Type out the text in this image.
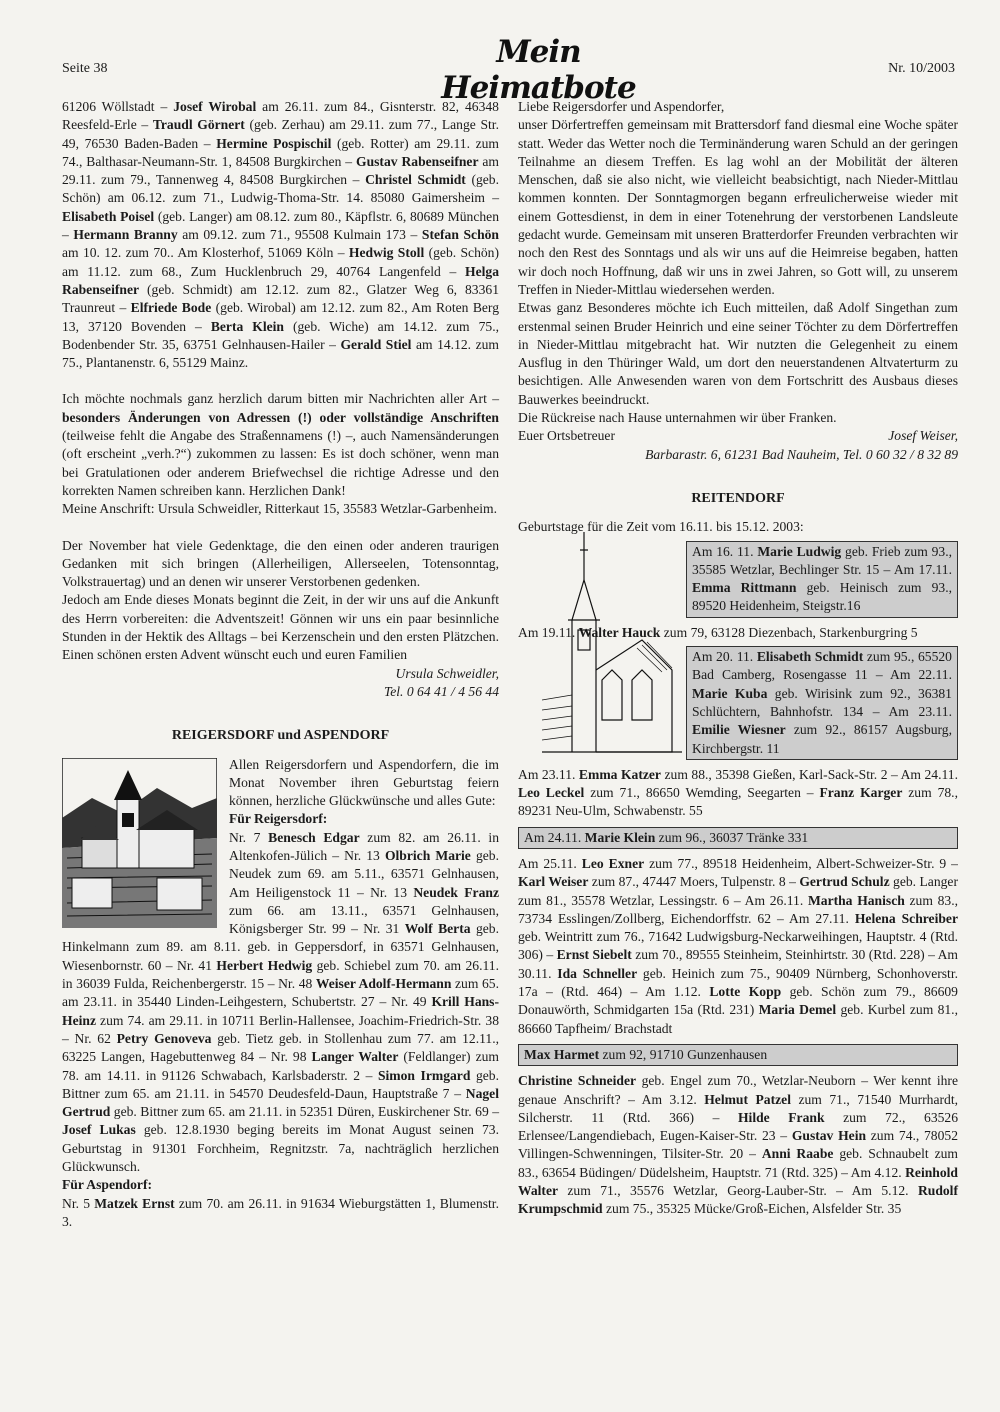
Seite 38	Mein Heimatbote
Nr. 10/2003

61206 Wöllstadt – Josef Wirobal am 26.11. zum 84., Gisnterstr. 82, 46348 Reesfeld-Erle – Traudl Görnert (geb. Zerhau) am 29.11. zum 77., Lange Str. 49, 76530 Baden-Baden – Hermine Pospischil (geb. Rotter) am 29.11. zum 74., Balthasar-Neumann-Str. 1, 84508 Burgkirchen – Gustav Rabenseifner am 29.11. zum 79., Tannenweg 4, 84508 Burgkirchen – Christel Schmidt (geb. Schön) am 06.12. zum 71., Ludwig-Thoma-Str. 14. 85080 Gaimersheim – Elisabeth Poisel (geb. Langer) am 08.12. zum 80., Käpflstr. 6, 80689 München – Hermann Branny am 09.12. zum 71., 95508 Kulmain 173 – Stefan Schön am 10. 12. zum 70.. Am Klosterhof, 51069 Köln – Hedwig Stoll (geb. Schön) am 11.12. zum 68., Zum Hucklenbruch 29, 40764 Langenfeld – Helga Rabenseifner (geb. Schmidt) am 12.12. zum 82., Glatzer Weg 6, 83361 Traunreut – Elfriede Bode (geb. Wirobal) am 12.12. zum 82., Am Roten Berg 13, 37120 Bovenden – Berta Klein (geb. Wiche) am 14.12. zum 75., Bodenbender Str. 35, 63751 Gelnhausen-Hailer – Gerald Stiel am 14.12. zum 75., Plantanenstr. 6, 55129 Mainz.

Ich möchte nochmals ganz herzlich darum bitten mir Nachrichten aller Art – besonders Änderungen von Adressen (!) oder vollständige Anschriften (teilweise fehlt die Angabe des Straßennamens (!) –, auch Namensänderungen (oft erscheint „verh.?“) zukommen zu lassen: Es ist doch schöner, wenn man bei Gratulationen oder anderem Briefwechsel die richtige Adresse und den korrekten Namen schreiben kann. Herzlichen Dank!

Meine Anschrift: Ursula Schweidler, Ritterkaut 15, 35583 Wetzlar-Garbenheim.

Der November hat viele Gedenktage, die den einen oder anderen traurigen Gedanken mit sich bringen (Allerheiligen, Allerseelen, Totensonntag, Volkstrauertag) und an denen wir unserer Verstorbenen gedenken.

Jedoch am Ende dieses Monats beginnt die Zeit, in der wir uns auf die Ankunft des Herrn vorbereiten: die Adventszeit! Gönnen wir uns ein paar besinnliche Stunden in der Hektik des Alltags – bei Kerzenschein und den ersten Plätzchen. Einen schönen ersten Advent wünscht euch und euren Familien

Ursula Schweidler,
Tel. 0 64 41 / 4 56 44
REIGERSDORF und ASPENDORF

Allen Reigersdorfern und Aspendorfern, die im Monat November ihren Geburtstag feiern können, herzliche Glückwünsche und alles Gute:

Für Reigersdorf:

Nr. 7 Benesch Edgar zum 82. am 26.11. in Altenkofen-Jülich – Nr. 13 Olbrich Marie geb. Neudek zum 69. am 5.11., 63571 Gelnhausen, Am Heiligenstock 11 – Nr. 13 Neudek Franz zum 66. am 13.11., 63571 Gelnhausen, Königsberger Str. 99 – Nr. 31 Wolf Berta geb. Hinkelmann zum 89. am 8.11. geb. in Geppersdorf, in 63571 Gelnhausen, Wiesenbornstr. 60 – Nr. 41 Herbert Hedwig geb. Schiebel zum 70. am 26.11. in 36039 Fulda, Reichenbergerstr. 15 – Nr. 48 Weiser Adolf-Hermann zum 65. am 23.11. in 35440 Linden-Leihgestern, Schubertstr. 27 – Nr. 49 Krill Hans-Heinz zum 74. am 29.11. in 10711 Berlin-Hallensee, Joachim-Friedrich-Str. 38 – Nr. 62 Petry Genoveva geb. Tietz geb. in Stollenhau zum 77. am 12.11., 63225 Langen, Hagebuttenweg 84 – Nr. 98 Langer Walter (Feldlanger) zum 78. am 14.11. in 91126 Schwabach, Karlsbaderstr. 2 – Simon Irmgard geb. Bittner zum 65. am 21.11. in 54570 Deudesfeld-Daun, Hauptstraße 7 – Nagel Gertrud geb. Bittner zum 65. am 21.11. in 52351 Düren, Euskirchener Str. 69 – Josef Lukas geb. 12.8.1930 beging bereits im Monat August seinen 73. Geburtstag in 91301 Forchheim, Regnitzstr. 7a, nachträglich herzlichen Glückwunsch.

Für Aspendorf:

Nr. 5 Matzek Ernst zum 70. am 26.11. in 91634 Wieburgstätten 1, Blumenstr. 3.

Liebe Reigersdorfer und Aspendorfer,

unser Dörfertreffen gemeinsam mit Brattersdorf fand diesmal eine Woche später statt. Weder das Wetter noch die Terminänderung waren Schuld an der geringen Teilnahme an diesem Treffen. Es lag wohl an der Mobilität der älteren Menschen, daß sie also nicht, wie vielleicht beabsichtigt, nach Nieder-Mittlau kommen konnten. Der Sonntagmorgen begann erfreulicherweise wieder mit einem Gottesdienst, in dem in einer Totenehrung der verstorbenen Landsleute gedacht wurde. Gemeinsam mit unseren Bratterdorfer Freunden verbrachten wir noch den Rest des Sonntags und als wir uns auf die Heimreise begaben, hatten wir doch noch Hoffnung, daß wir uns in zwei Jahren, so Gott will, zu unserem Treffen in Nieder-Mittlau wiedersehen werden.

Etwas ganz Besonderes möchte ich Euch mitteilen, daß Adolf Singethan zum erstenmal seinen Bruder Heinrich und eine seiner Töchter zu dem Dörfertreffen in Nieder-Mittlau mitgebracht hat. Wir nutzten die Gelegenheit zu einem Ausflug in den Thüringer Wald, um dort den neuerstandenen Altvaterturm zu besichtigen. Alle Anwesenden waren von dem Fortschritt des Ausbaus dieses Bauwerkes beeindruckt.

Die Rückreise nach Hause unternahmen wir über Franken.

Euer Ortsbetreuer	Josef Weiser,
Barbarastr. 6, 61231 Bad Nauheim, Tel. 0 60 32 / 8 32 89
REITENDORF

Geburtstage für die Zeit vom 16.11. bis 15.12. 2003:

Am 16. 11. Marie Ludwig geb. Frieb zum 93., 35585 Wetzlar, Bechlinger Str. 15 – Am 17.11. Emma Rittmann geb. Heinisch zum 93., 89520 Heidenheim, Steigstr.16

Am 19.11. Walter Hauck zum 79, 63128 Diezenbach, Starkenburgring 5

Am 20. 11. Elisabeth Schmidt zum 95., 65520 Bad Camberg, Rosengasse 11 – Am 22.11. Marie Kuba geb. Wirisink zum 92., 36381 Schlüchtern, Bahnhofstr. 134 – Am 23.11. Emilie Wiesner zum 92., 86157 Augsburg, Kirchbergstr. 11

Am 23.11. Emma Katzer zum 88., 35398 Gießen, Karl-Sack-Str. 2 – Am 24.11. Leo Leckel zum 71., 86650 Wemding, Seegarten – Franz Karger zum 78., 89231 Neu-Ulm, Schwabenstr. 55

Am 24.11. Marie Klein zum 96., 36037 Tränke 331

Am 25.11. Leo Exner zum 77., 89518 Heidenheim, Albert-Schweizer-Str. 9 – Karl Weiser zum 87., 47447 Moers, Tulpenstr. 8 – Gertrud Schulz geb. Langer zum 81., 35578 Wetzlar, Lessingstr. 6 – Am 26.11. Martha Hanisch zum 83., 73734 Esslingen/Zollberg, Eichendorffstr. 62 – Am 27.11. Helena Schreiber geb. Weintritt zum 76., 71642 Ludwigsburg-Neckarweihingen, Hauptstr. 4 (Rtd. 306) – Ernst Siebelt zum 70., 89555 Steinheim, Steinhirtstr. 30 (Rtd. 228) – Am 30.11. Ida Schneller geb. Heinich zum 75., 90409 Nürnberg, Schonhoverstr. 17a – (Rtd. 464) – Am 1.12. Lotte Kopp geb. Schön zum 79., 86609 Donauwörth, Schmidgarten 15a (Rtd. 231) Maria Demel geb. Kurbel zum 81., 86660 Tapfheim/ Brachstadt

Max Harmet zum 92, 91710 Gunzenhausen

Christine Schneider geb. Engel zum 70., Wetzlar-Neuborn – Wer kennt ihre genaue Anschrift? – Am 3.12. Helmut Patzel zum 71., 71540 Murrhardt, Silcherstr. 11 (Rtd. 366) – Hilde Frank zum 72., 63526 Erlensee/Langendiebach, Eugen-Kaiser-Str. 23 – Gustav Hein zum 74., 78052 Villingen-Schwenningen, Tilsiter-Str. 20 – Anni Raabe geb. Schnaubelt zum 83., 63654 Büdingen/ Düdelsheim, Hauptstr. 71 (Rtd. 325) – Am 4.12. Reinhold Walter zum 71., 35576 Wetzlar, Georg-Lauber-Str. – Am 5.12. Rudolf Krumpschmid zum 75., 35325 Mücke/Groß-Eichen, Alsfelder Str. 35
